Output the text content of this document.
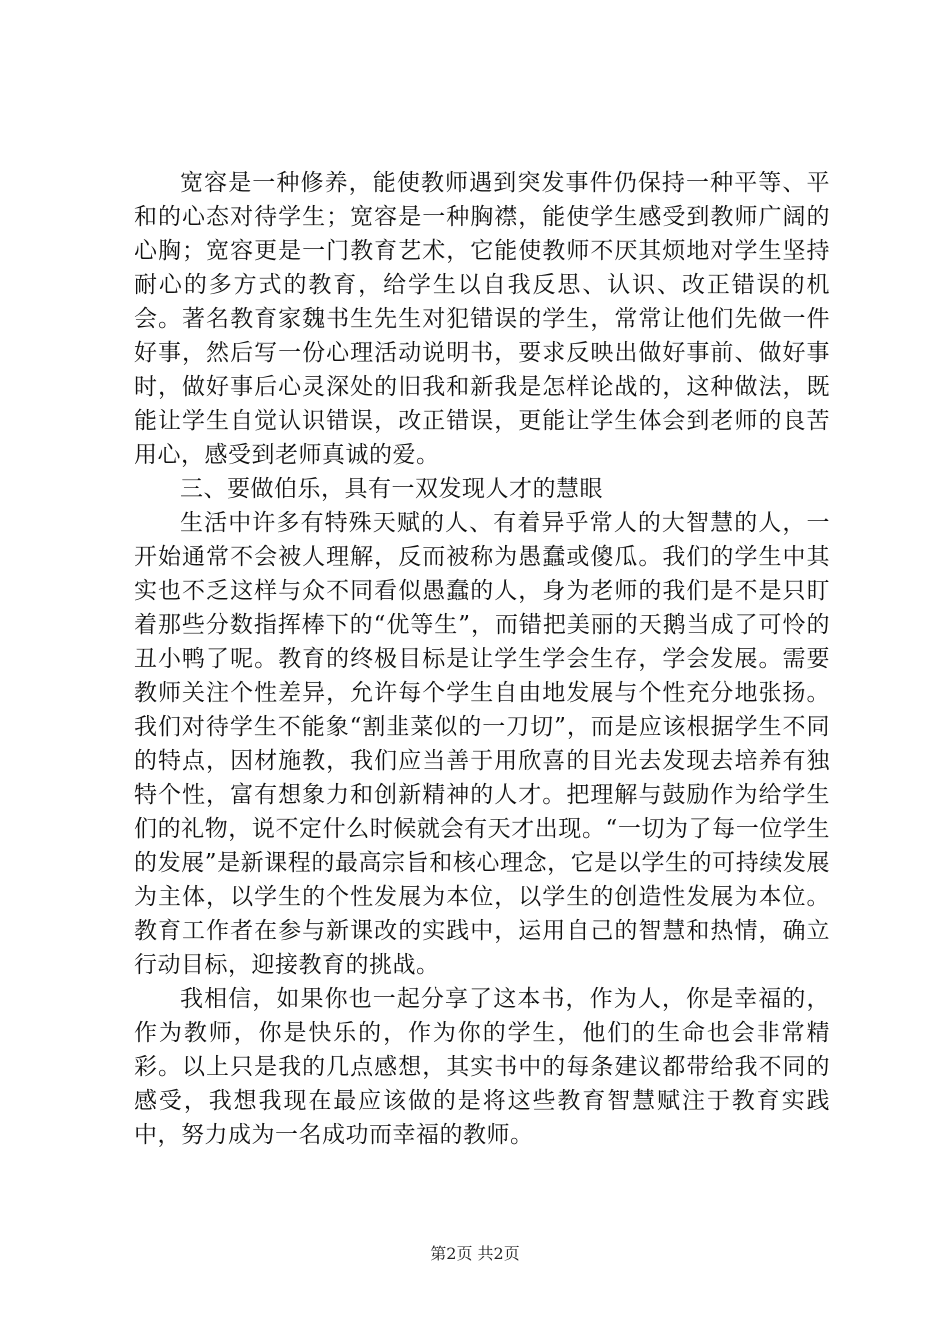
宽容是一种修养，能使教师遇到突发事件仍保持一种平等、平和的心态对待学生；宽容是一种胸襟，能使学生感受到教师广阔的心胸；宽容更是一门教育艺术，它能使教师不厌其烦地对学生坚持耐心的多方式的教育，给学生以自我反思、认识、改正错误的机会。著名教育家魏书生先生对犯错误的学生，常常让他们先做一件好事，然后写一份心理活动说明书，要求反映出做好事前、做好事时，做好事后心灵深处的旧我和新我是怎样论战的，这种做法，既能让学生自觉认识错误，改正错误，更能让学生体会到老师的良苦用心，感受到老师真诚的爱。

三、要做伯乐，具有一双发现人才的慧眼

生活中许多有特殊天赋的人、有着异乎常人的大智慧的人，一开始通常不会被人理解，反而被称为愚蠢或傻瓜。我们的学生中其实也不乏这样与众不同看似愚蠢的人，身为老师的我们是不是只盯着那些分数指挥棒下的“优等生”，而错把美丽的天鹅当成了可怜的丑小鸭了呢。教育的终极目标是让学生学会生存，学会发展。需要教师关注个性差异，允许每个学生自由地发展与个性充分地张扬。我们对待学生不能象“割韭菜似的一刀切”，而是应该根据学生不同的特点，因材施教，我们应当善于用欣喜的目光去发现去培养有独特个性，富有想象力和创新精神的人才。把理解与鼓励作为给学生们的礼物，说不定什么时候就会有天才出现。“一切为了每一位学生的发展”是新课程的最高宗旨和核心理念，它是以学生的可持续发展为主体，以学生的个性发展为本位，以学生的创造性发展为本位。教育工作者在参与新课改的实践中，运用自己的智慧和热情，确立行动目标，迎接教育的挑战。

我相信，如果你也一起分享了这本书，作为人，你是幸福的，作为教师，你是快乐的，作为你的学生，他们的生命也会非常精彩。以上只是我的几点感想，其实书中的每条建议都带给我不同的感受，我想我现在最应该做的是将这些教育智慧赋注于教育实践中，努力成为一名成功而幸福的教师。

第2页 共2页
